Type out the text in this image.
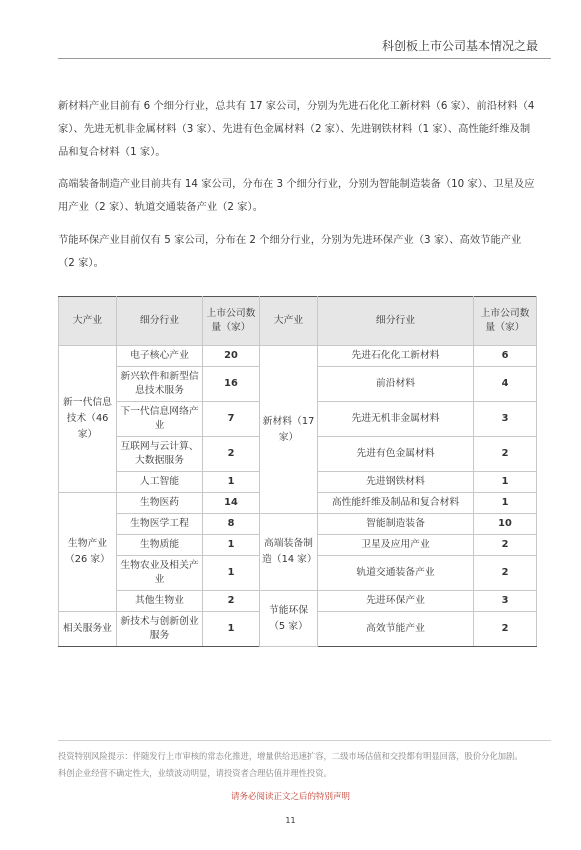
科创板上市公司基本情况之最

新材料产业目前有 6 个细分行业，总共有 17 家公司，分别为先进石化化工新材料（6 家）、前沿材料（4 家）、先进无机非金属材料（3 家）、先进有色金属材料（2 家）、先进钢铁材料（1 家）、高性能纤维及制品和复合材料（1 家）。

高端装备制造产业目前共有 14 家公司，分布在 3 个细分行业，分别为智能制造装备（10 家）、卫星及应用产业（2 家）、轨道交通装备产业（2 家）。

节能环保产业目前仅有 5 家公司，分布在 2 个细分行业，分别为先进环保产业（3 家）、高效节能产业（2 家）。

大产业	细分行业	上市公司数量（家）	大产业	细分行业	上市公司数量（家）
新一代信息技术（46 家）	电子核心产业	20	新材料（17 家）	先进石化化工新材料	6
	新兴软件和新型信息技术服务	16		前沿材料	4
	下一代信息网络产业	7		先进无机非金属材料	3
	互联网与云计算、大数据服务	2		先进有色金属材料	2
	人工智能	1		先进钢铁材料	1
生物产业（26 家）	生物医药	14		高性能纤维及制品和复合材料	1
	生物医学工程	8	高端装备制造（14 家）	智能制造装备	10
	生物质能	1		卫星及应用产业	2
	生物农业及相关产业	1		轨道交通装备产业	2
	其他生物业	2	节能环保（5 家）	先进环保产业	3
相关服务业	新技术与创新创业服务	1		高效节能产业	2

投资特别风险提示：伴随发行上市审核的常态化推进，增量供给迅速扩容，二级市场估值和交投都有明显回落，股价分化加剧。科创企业经营不确定性大，业绩波动明显，请投资者合理估值并理性投资。

请务必阅读正文之后的特别声明
11
